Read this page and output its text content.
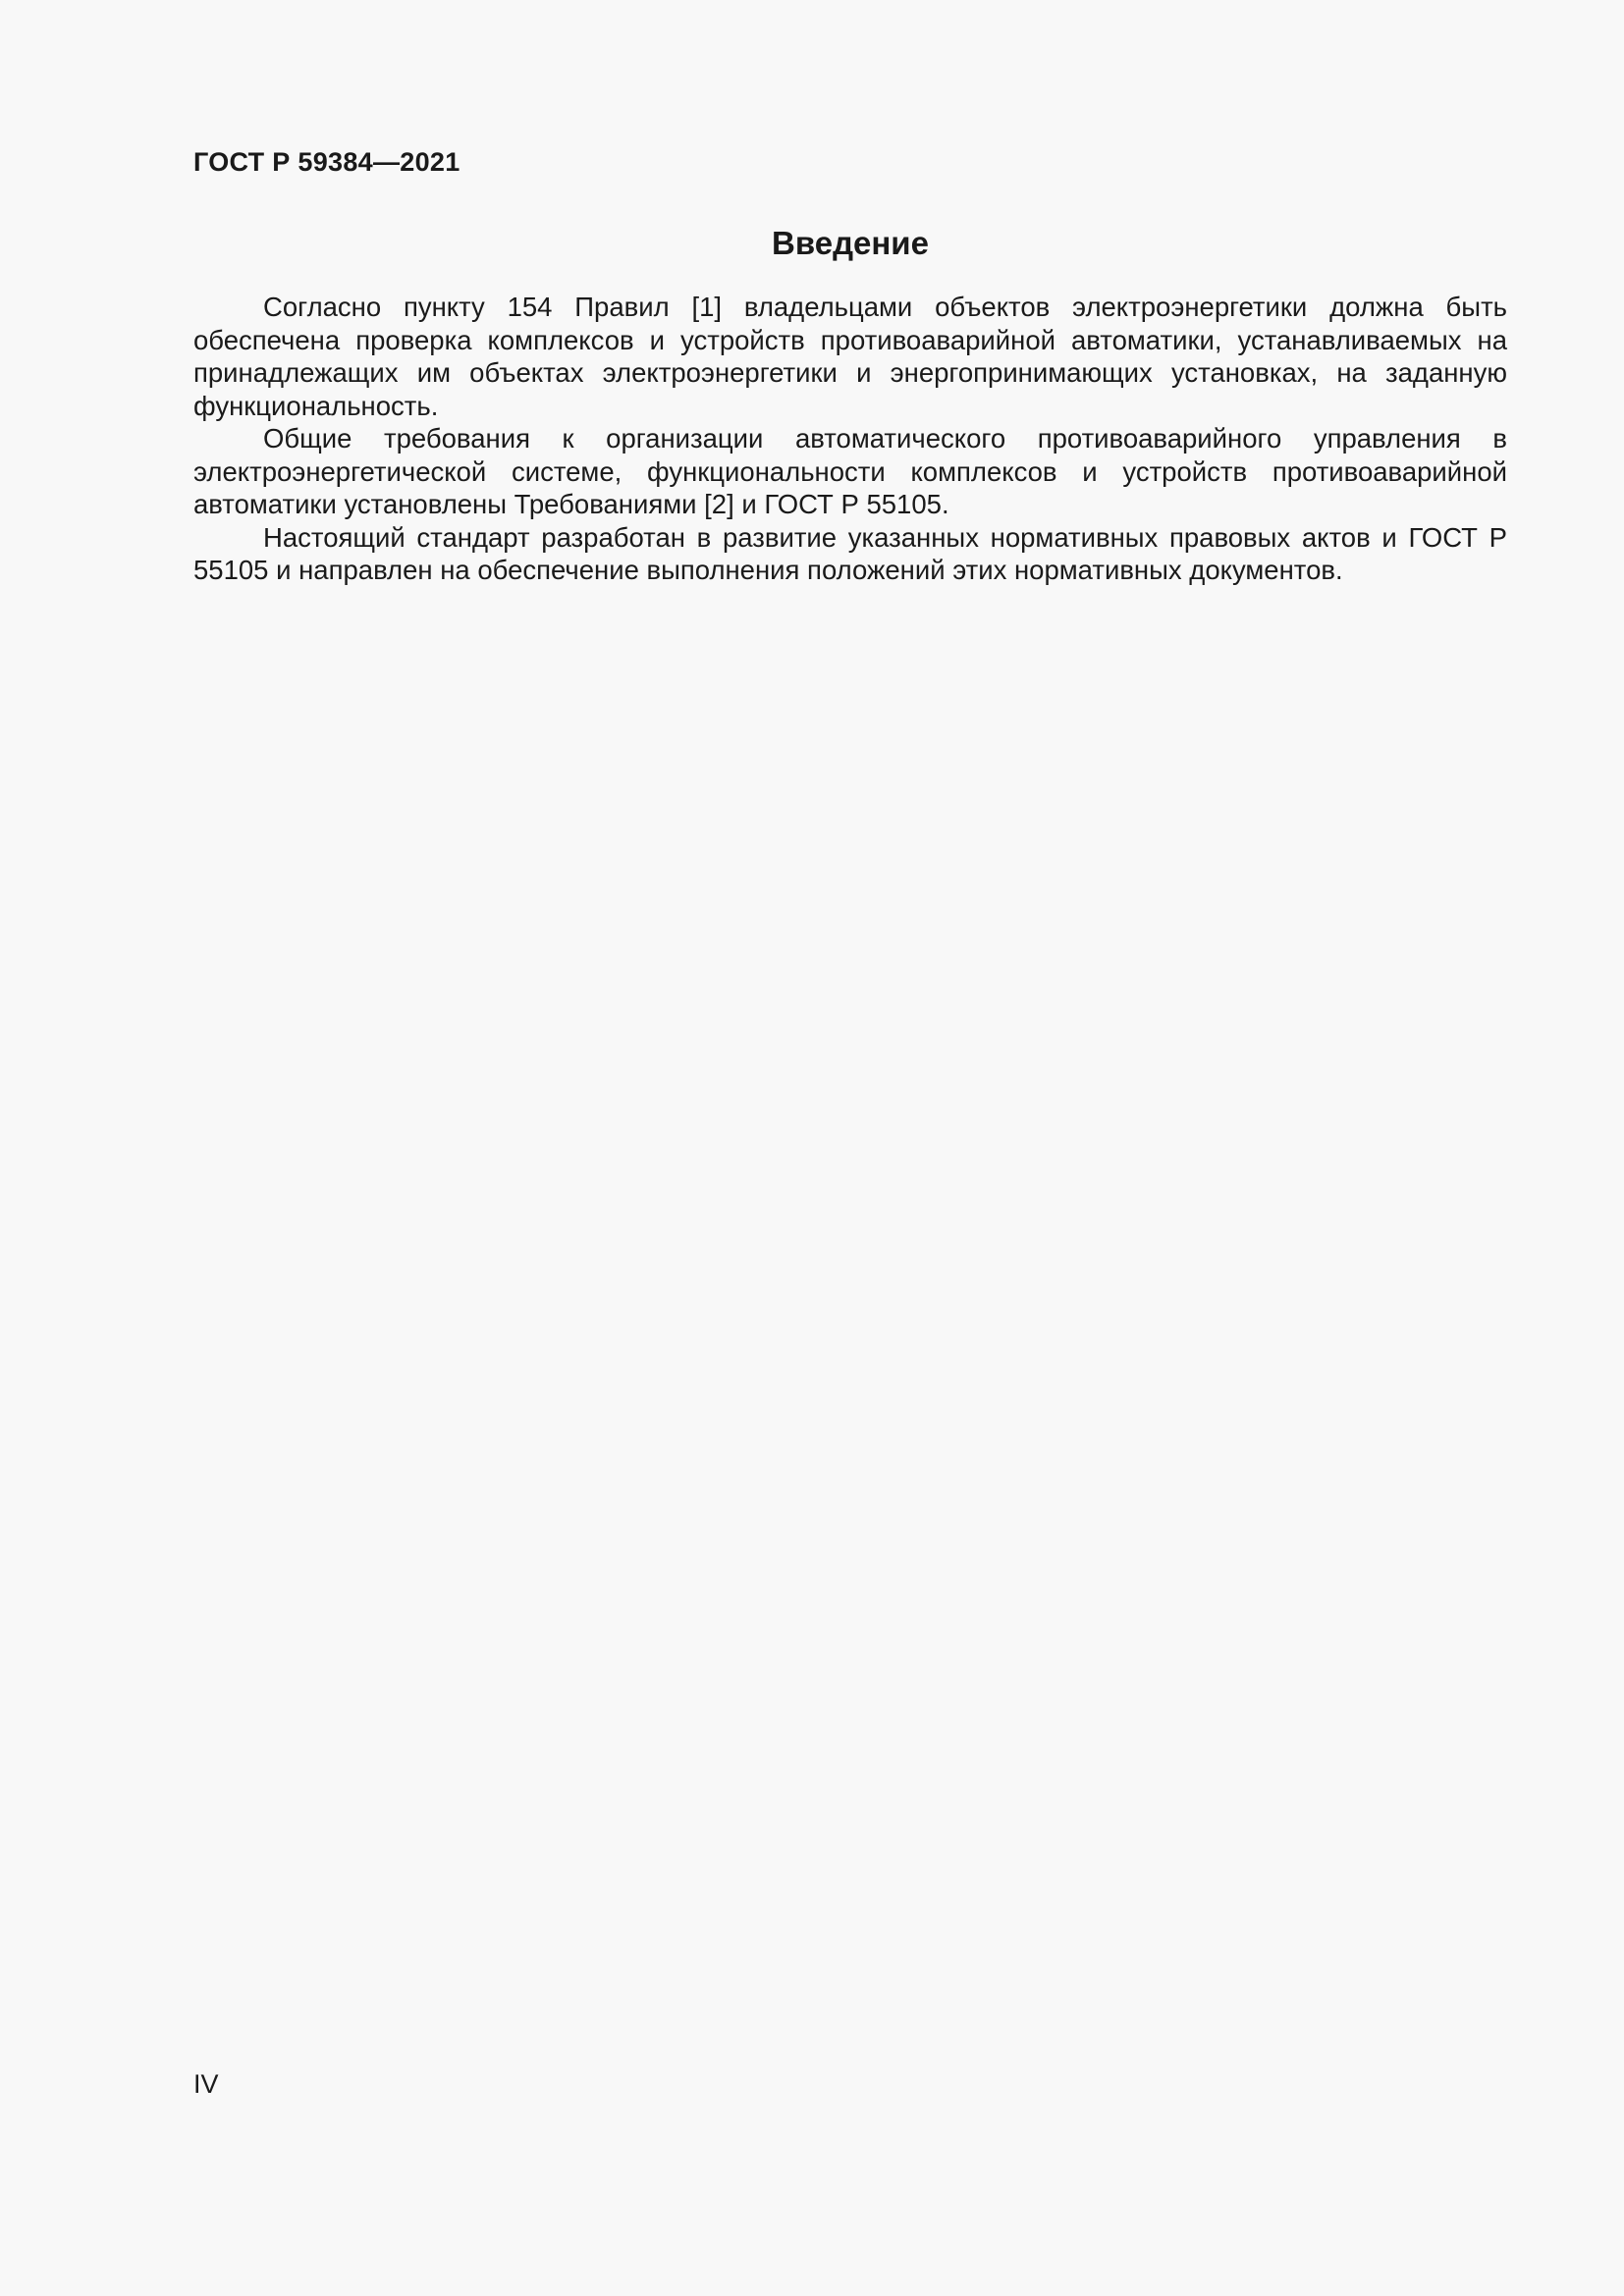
ГОСТ Р 59384—2021
Введение

Согласно пункту 154 Правил [1] владельцами объектов электроэнергетики должна быть обеспечена проверка комплексов и устройств противоаварийной автоматики, устанавливаемых на принадлежащих им объектах электроэнергетики и энергопринимающих установках, на заданную функциональность.

Общие требования к организации автоматического противоаварийного управления в электроэнергетической системе, функциональности комплексов и устройств противоаварийной автоматики установлены Требованиями [2] и ГОСТ Р 55105.

Настоящий стандарт разработан в развитие указанных нормативных правовых актов и ГОСТ Р 55105 и направлен на обеспечение выполнения положений этих нормативных документов.

IV
